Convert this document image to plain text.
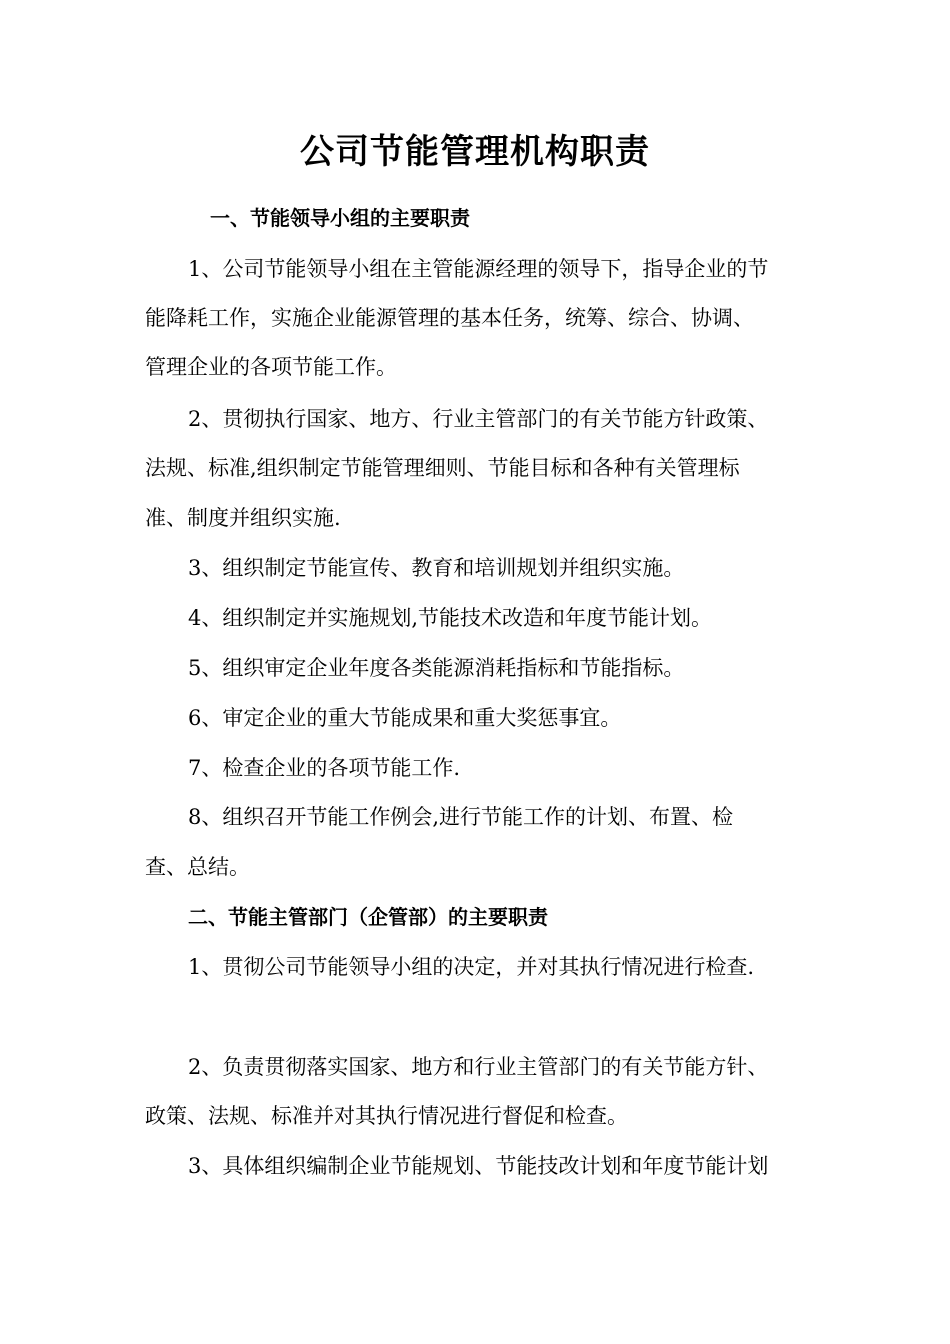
公司节能管理机构职责
一、节能领导小组的主要职责
1、公司节能领导小组在主管能源经理的领导下，指导企业的节
能降耗工作，实施企业能源管理的基本任务，统筹、综合、协调、
管理企业的各项节能工作。
2、贯彻执行国家、地方、行业主管部门的有关节能方针政策、
法规、标准,组织制定节能管理细则、节能目标和各种有关管理标
准、制度并组织实施.
3、组织制定节能宣传、教育和培训规划并组织实施。
4、组织制定并实施规划,节能技术改造和年度节能计划。
5、组织审定企业年度各类能源消耗指标和节能指标。
6、审定企业的重大节能成果和重大奖惩事宜。
7、检查企业的各项节能工作.
8、组织召开节能工作例会,进行节能工作的计划、布置、检
查、总结。
二、节能主管部门（企管部）的主要职责
1、贯彻公司节能领导小组的决定，并对其执行情况进行检查.
2、负责贯彻落实国家、地方和行业主管部门的有关节能方针、
政策、法规、标准并对其执行情况进行督促和检查。
3、具体组织编制企业节能规划、节能技改计划和年度节能计划
